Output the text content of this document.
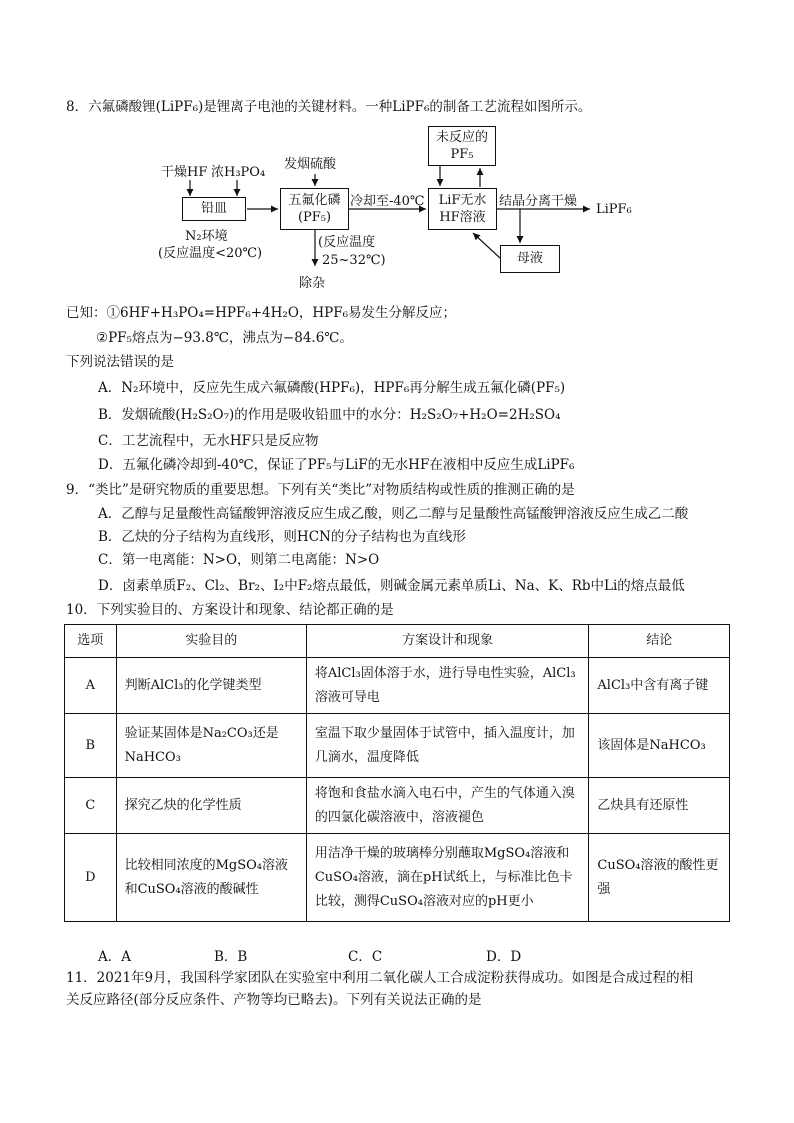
8．六氟磷酸锂(LiPF₆)是锂离子电池的关键材料。一种LiPF₆的制备工艺流程如图所示。
干燥HF 浓H₃PO₄
铅皿
N₂环境
(反应温度<20℃)
发烟硫酸
五氟化磷
(PF₅)
冷却至-40℃
(反应温度
25~32℃)
除杂
未反应的
PF₅
LiF无水
HF溶液
结晶分离干燥
LiPF₆
母液
已知：①6HF+H₃PO₄=HPF₆+4H₂O，HPF₆易发生分解反应；
②PF₅熔点为−93.8℃，沸点为−84.6℃。
下列说法错误的是
A．N₂环境中，反应先生成六氟磷酸(HPF₆)，HPF₆再分解生成五氟化磷(PF₅)
B．发烟硫酸(H₂S₂O₇)的作用是吸收铅皿中的水分：H₂S₂O₇+H₂O=2H₂SO₄
C．工艺流程中，无水HF只是反应物
D．五氟化磷冷却到-40℃，保证了PF₅与LiF的无水HF在液相中反应生成LiPF₆
9．“类比”是研究物质的重要思想。下列有关“类比”对物质结构或性质的推测正确的是
A．乙醇与足量酸性高锰酸钾溶液反应生成乙酸，则乙二醇与足量酸性高锰酸钾溶液反应生成乙二酸
B．乙炔的分子结构为直线形，则HCN的分子结构也为直线形
C．第一电离能：N>O，则第二电离能：N>O
D．卤素单质F₂、Cl₂、Br₂、I₂中F₂熔点最低，则碱金属元素单质Li、Na、K、Rb中Li的熔点最低
10．下列实验目的、方案设计和现象、结论都正确的是
选项	实验目的	方案设计和现象	结论
A	判断AlCl₃的化学键类型	将AlCl₃固体溶于水，进行导电性实验，AlCl₃溶液可导电	AlCl₃中含有离子键
B	验证某固体是Na₂CO₃还是NaHCO₃	室温下取少量固体于试管中，插入温度计，加几滴水，温度降低	该固体是NaHCO₃
C	探究乙炔的化学性质	将饱和食盐水滴入电石中，产生的气体通入溴的四氯化碳溶液中，溶液褪色	乙炔具有还原性
D	比较相同浓度的MgSO₄溶液和CuSO₄溶液的酸碱性	用洁净干燥的玻璃棒分别蘸取MgSO₄溶液和CuSO₄溶液，滴在pH试纸上，与标准比色卡比较，测得CuSO₄溶液对应的pH更小	CuSO₄溶液的酸性更强
A．A	B．B	C．C	D．D
11．2021年9月，我国科学家团队在实验室中利用二氧化碳人工合成淀粉获得成功。如图是合成过程的相
关反应路径(部分反应条件、产物等均已略去)。下列有关说法正确的是
